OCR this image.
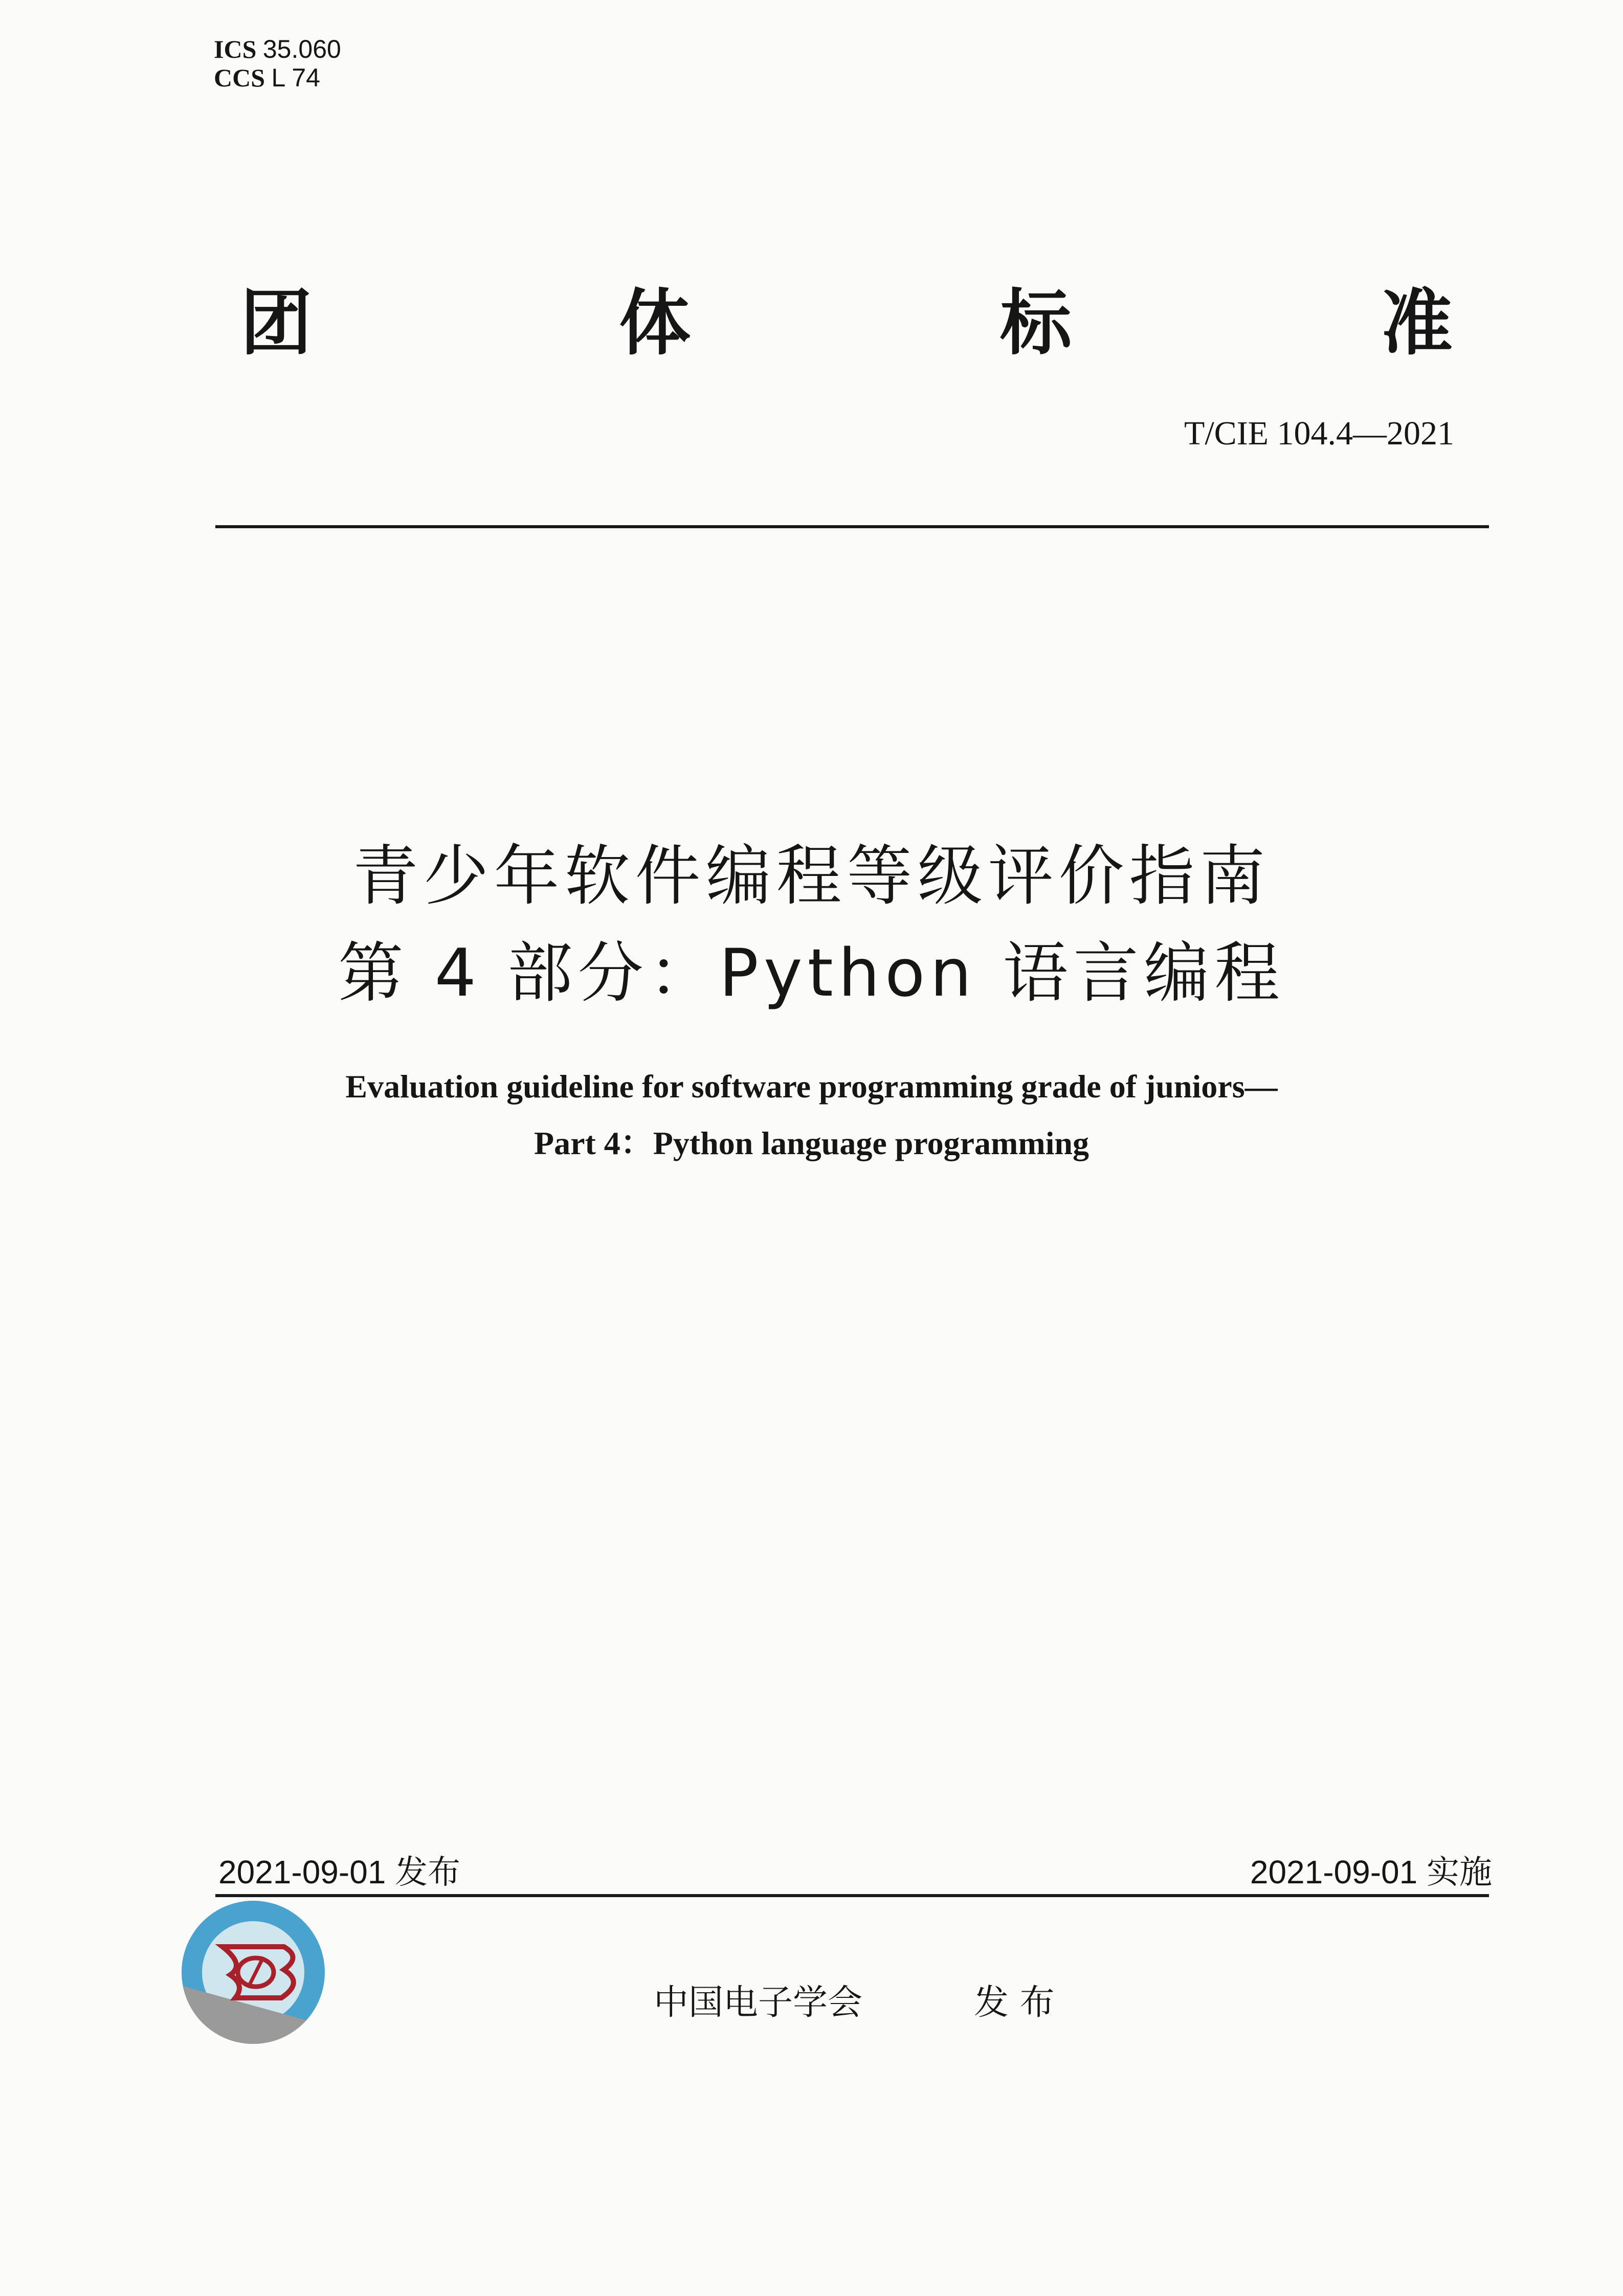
ICS 35.060
CCS L 74
团	体	标	准
T/CIE 104.4—2021
青少年软件编程等级评价指南
第 4 部分：Python 语言编程
Evaluation guideline for software programming grade of juniors—
Part 4：Python language programming
2021-09-01 发布	2021-09-01 实施
中国电子学会	发 布
